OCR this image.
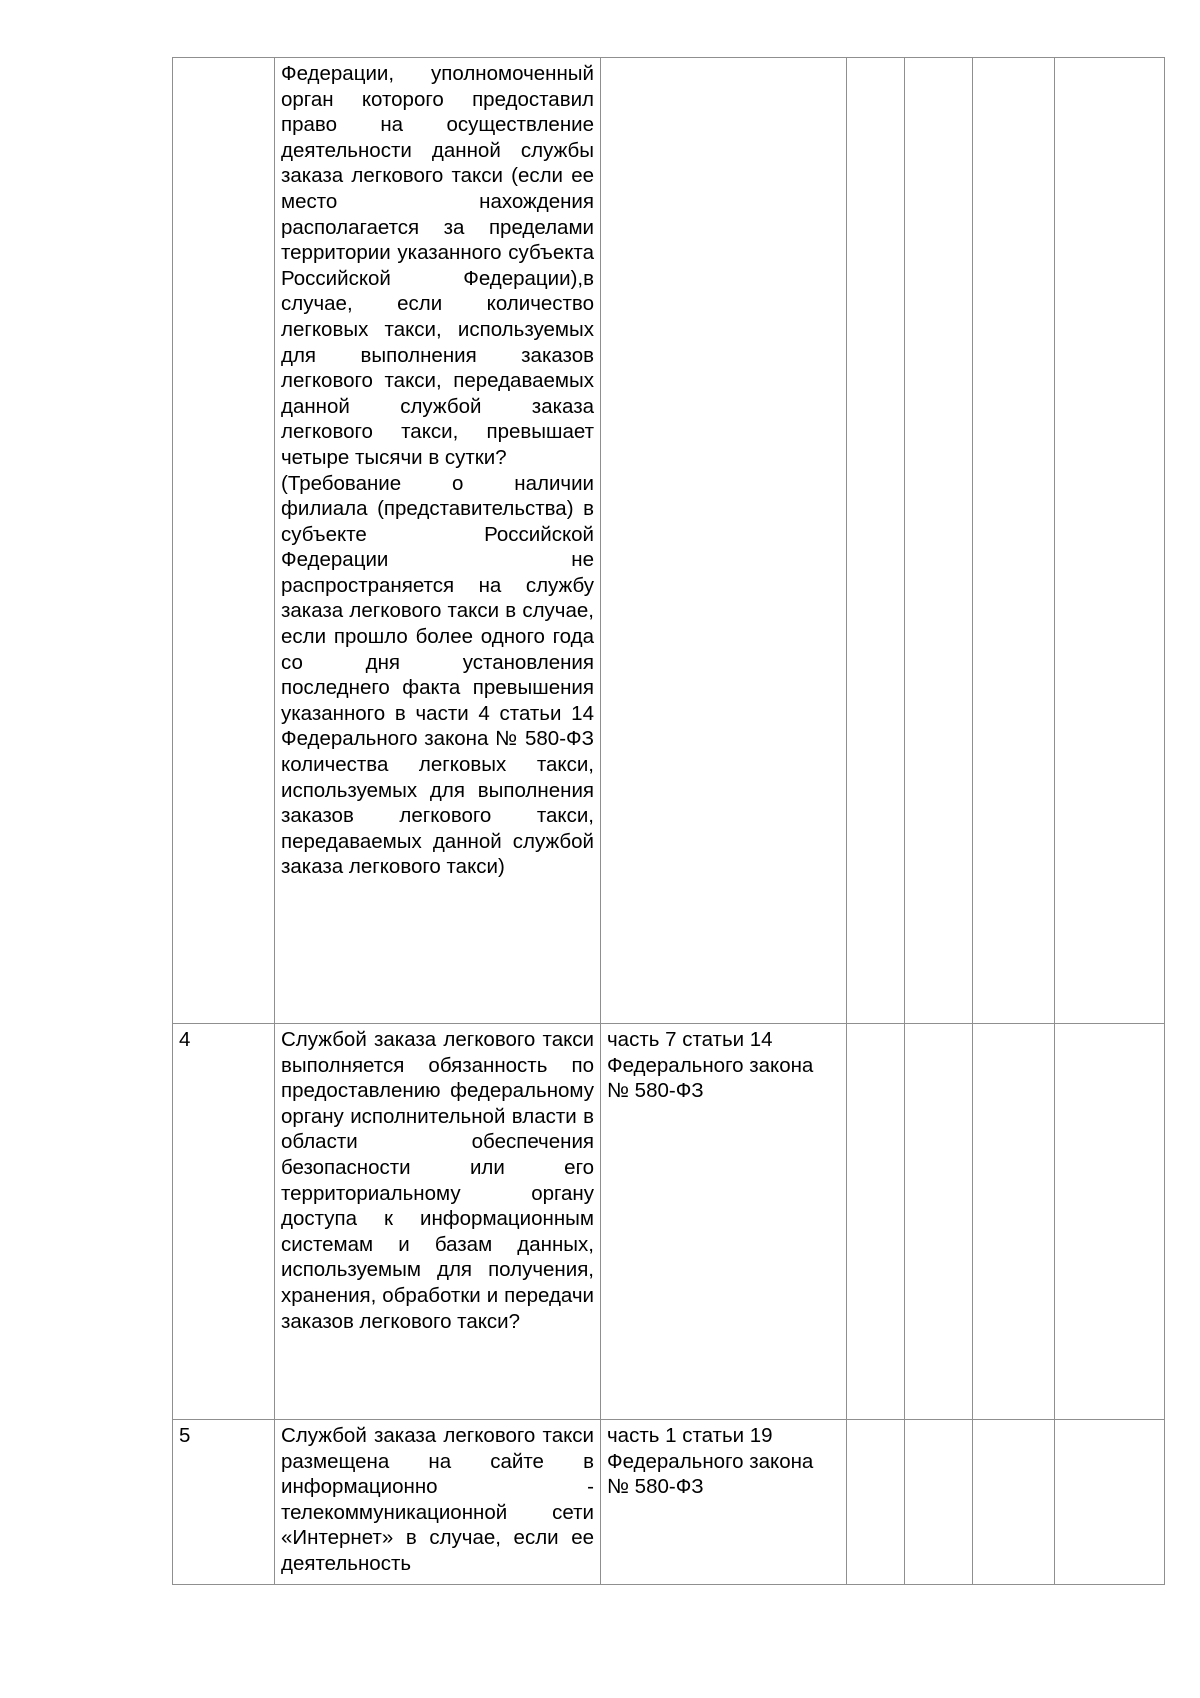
	Федерации, уполномоченный орган которого предоставил право на осуществление деятельности данной службы заказа легкового такси (если ее место нахождения располагается за пределами территории указанного субъекта Российской Федерации),в случае, если количество легковых такси, используемых для выполнения заказов легкового такси, передаваемых данной службой заказа легкового такси, превышает четыре тысячи в сутки?
(Требование о наличии филиала (представительства) в субъекте Российской Федерации не распространяется на службу заказа легкового такси в случае, если прошло более одного года со дня установления последнего факта превышения указанного в части 4 статьи 14 Федерального закона № 580-ФЗ количества легковых такси, используемых для выполнения заказов легкового такси, передаваемых данной службой заказа легкового такси)					

4	Службой заказа легкового такси выполняется обязанность по предоставлению федеральному органу исполнительной власти в области обеспечения безопасности или его территориальному органу доступа к информационным системам и базам данных, используемым для получения, хранения, обработки и передачи заказов легкового такси?	часть 7 статьи 14 Федерального закона № 580-ФЗ				
5	Службой заказа легкового такси размещена на сайте в информационно - телекоммуникационной сети «Интернет» в случае, если ее деятельность	часть 1 статьи 19 Федерального закона № 580-ФЗ				
